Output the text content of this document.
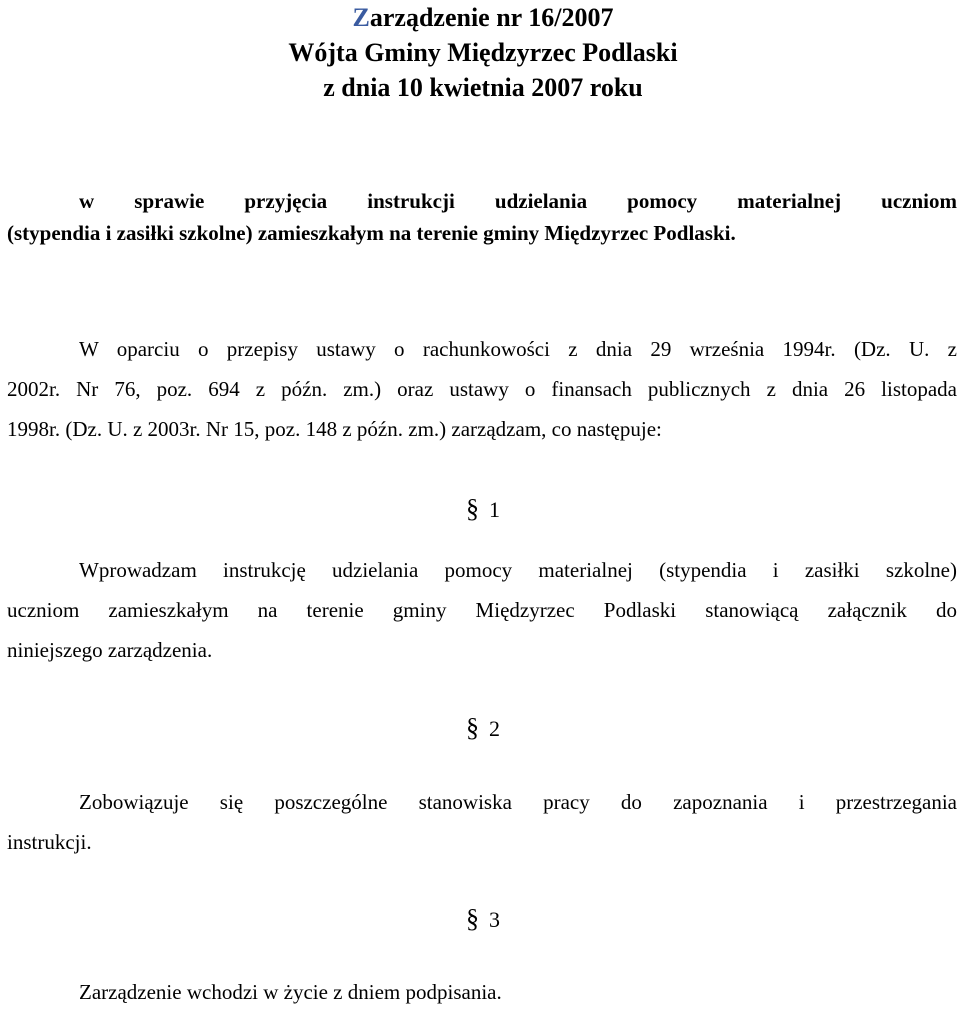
Zarządzenie nr 16/2007
Wójta Gminy Międzyrzec Podlaski
z dnia 10 kwietnia 2007 roku
w sprawie przyjęcia instrukcji udzielania pomocy materialnej uczniom
(stypendia i zasiłki szkolne) zamieszkałym na terenie gminy Międzyrzec Podlaski.
W oparciu o przepisy ustawy o rachunkowości z dnia 29 września 1994r. (Dz. U. z
2002r. Nr 76, poz. 694 z późn. zm.) oraz ustawy o finansach publicznych z dnia 26 listopada
1998r. (Dz. U. z 2003r. Nr 15, poz. 148 z późn. zm.) zarządzam, co następuje:
§ 1
Wprowadzam instrukcję udzielania pomocy materialnej (stypendia i zasiłki szkolne)
uczniom zamieszkałym na terenie gminy Międzyrzec Podlaski stanowiącą załącznik do
niniejszego zarządzenia.
§ 2
Zobowiązuje się poszczególne stanowiska pracy do zapoznania i przestrzegania
instrukcji.
§ 3
Zarządzenie wchodzi w życie z dniem podpisania.
